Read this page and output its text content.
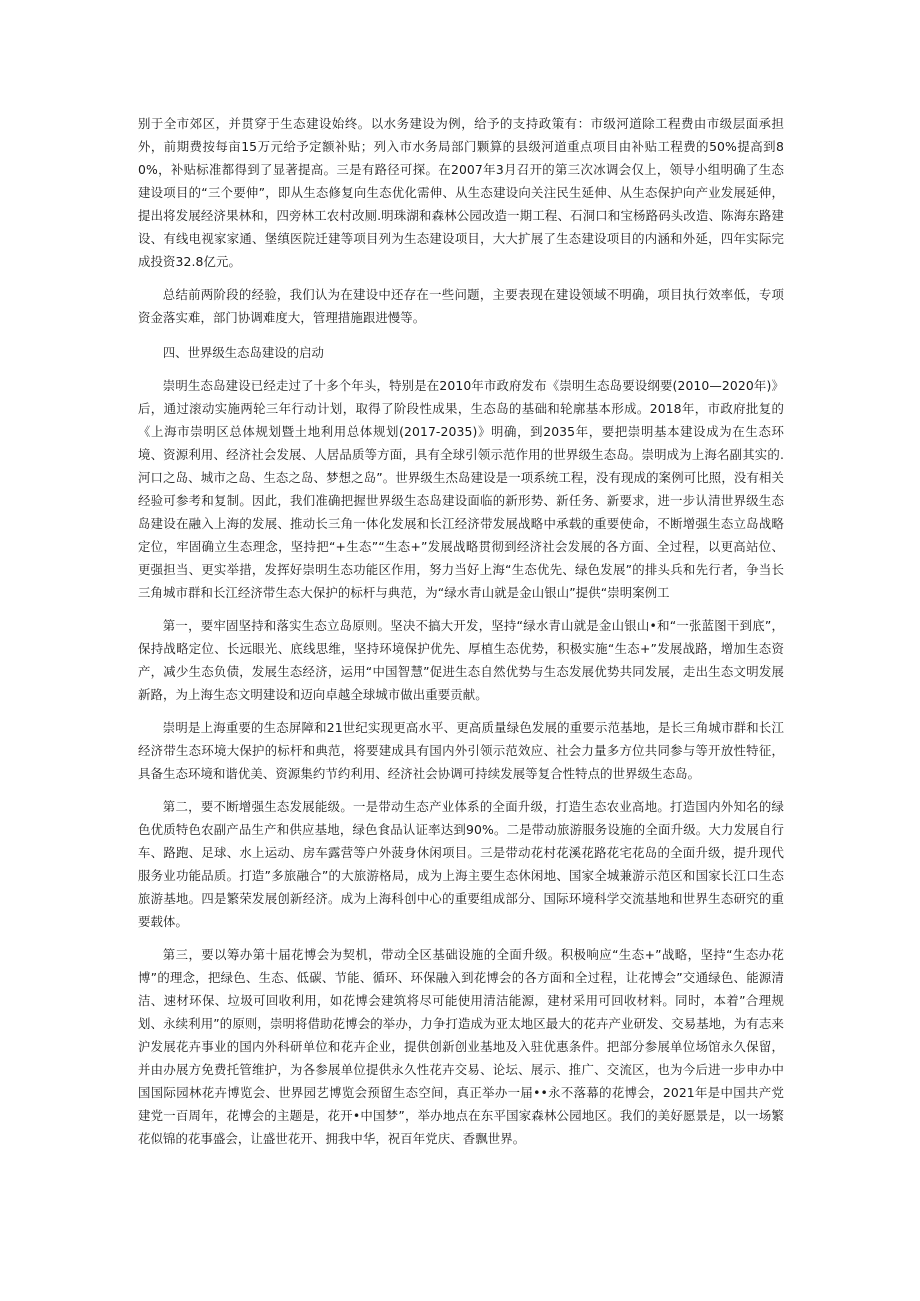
别于全市郊区，并贯穿于生态建设始终。以水务建设为例，给予的支持政策有：市级河道除工程费由市级层面承担外，前期费按每亩15万元给予定额补贴；列入市水务局部门颗算的县级河道重点项目由补贴工程费的50%提高到80%，补贴标准都得到了显著提高。三是有路径可探。在2007年3月召开的第三次冰调会仅上，领导小组明确了生态建设项目的“三个要伸”，即从生态修复向生态优化需伸、从生态建设向关注民生延伸、从生态保护向产业发展延伸，提出将发展经济果林和，四旁林工农村改厕.明珠湖和森林公园改造一期工程、石洞口和宝杨路码头改造、陈海东路建设、有线电视家家通、堡缜医院迁建等项目列为生态建设项目，大大扩展了生态建设项目的内涵和外延，四年实际完成投资32.8亿元。

总结前两阶段的经验，我们认为在建设中还存在一些问题，主要表现在建设领域不明确，项目执行效率低，专项资金落实难，部门协调难度大，管理措施跟进慢等。

四、世界级生态岛建设的启动

崇明生态岛建设已经走过了十多个年头，特别是在2010年市政府发布《崇明生态岛要设纲要(2010—2020年)》后，通过滚动实施两轮三年行动计划，取得了阶段性成果，生态岛的基础和轮廓基本形成。2018年，市政府批复的《上海市崇明区总体规划暨土地利用总体规划(2017-2035)》明确，到2035年，要把崇明基本建设成为在生态环境、资源利用、经济社会发展、人居品质等方面，具有全球引领示范作用的世界级生态岛。崇明成为上海名副其实的.河口之岛、城市之岛、生态之岛、梦想之岛”。世界级生杰岛建设是一项系统工程，没有现成的案例可比照，没有相关经验可参考和复制。因此，我们准确把握世界级生态岛建设面临的新形势、新任务、新要求，进一步认清世界级生态岛建设在融入上海的发展、推动长三角一体化发展和长江经济带发展战略中承载的重要使命，不断增强生态立岛战略定位，牢固确立生态理念，坚持把“+生态”“生态+”发展战略贯彻到经济社会发展的各方面、全过程，以更高站位、更强担当、更实举措，发挥好崇明生态功能区作用，努力当好上海“生态优先、绿色发展”的排头兵和先行者，争当长三角城市群和长江经济带生态大保护的标杆与典范，为“绿水青山就是金山银山”提供“崇明案例工

第一，要牢固坚持和落实生态立岛原则。坚决不搞大开发，坚持“绿水青山就是金山银山•和“一张蓝图干到底”，保持战略定位、长远眼光、底线思维，坚持环境保护优先、厚植生态优势，积极实施“生态+”发展战路，增加生态资产，减少生态负债，发展生态经济，运用“中国智慧”促进生态自然优势与生态发展优势共同发展，走出生态文明发展新路，为上海生态文明建设和迈向卓越全球城市做出重要贡献。

崇明是上海重要的生态屏障和21世纪实现更高水平、更高质量绿色发展的重要示范基地，是长三角城市群和长江经济带生态环境大保护的标杆和典范，将要建成具有国内外引领示范效应、社会力量多方位共同参与等开放性特征，具备生态环境和谐优美、资源集约节约利用、经济社会协调可持续发展等复合性特点的世界级生态岛。

第二，要不断增强生态发展能级。一是带动生态产业体系的全面升级，打造生态农业高地。打造国内外知名的绿色优质特色农副产品生产和供应基地，绿色食品认证率达到90%。二是带动旅游服务设施的全面升级。大力发展自行车、路跑、足球、水上运动、房车露营等户外菠身休闲项目。三是带动花村花溪花路花宅花岛的全面升级，提升现代服务业功能品质。打造”多旅融合”的大旅游格局，成为上海主要生态休闲地、国家全城兼游示范区和国家长江口生态旅游基地。四是繁荣发展创新经济。成为上海科创中心的重要组成部分、国际环境科学交流基地和世界生态研究的重要载体。

第三，要以筹办第十届花博会为契机，带动全区基础设施的全面升级。积极响应“生态+”战略，坚持“生态办花博”的理念，把绿色、生态、低碳、节能、循环、环保融入到花博会的各方面和全过程，让花博会”交通绿色、能源清洁、速材环保、垃圾可回收利用，如花博会建筑将尽可能使用清洁能源，建材采用可回收材料。同时，本着”合理规划、永续利用”的原则，崇明将借助花博会的举办，力争打造成为亚太地区最大的花卉产业研发、交易基地，为有志来沪发展花卉事业的国内外科研单位和花卉企业，提供创新创业基地及入驻优惠条件。把部分参展单位场馆永久保留，并由办展方免费托管维护，为各参展单位提供永久性花卉交易、论坛、展示、推广、交流区，也为今后进一步申办中国国际园林花卉博览会、世界园艺博览会预留生态空间，真正举办一届••永不落幕的花博会，2021年是中国共产党建党一百周年，花博会的主题是，花开•中国梦”，举办地点在东平国家森林公园地区。我们的美好愿景是，以一场繁花似锦的花事盛会，让盛世花开、拥我中华，祝百年党庆、香飘世界。
